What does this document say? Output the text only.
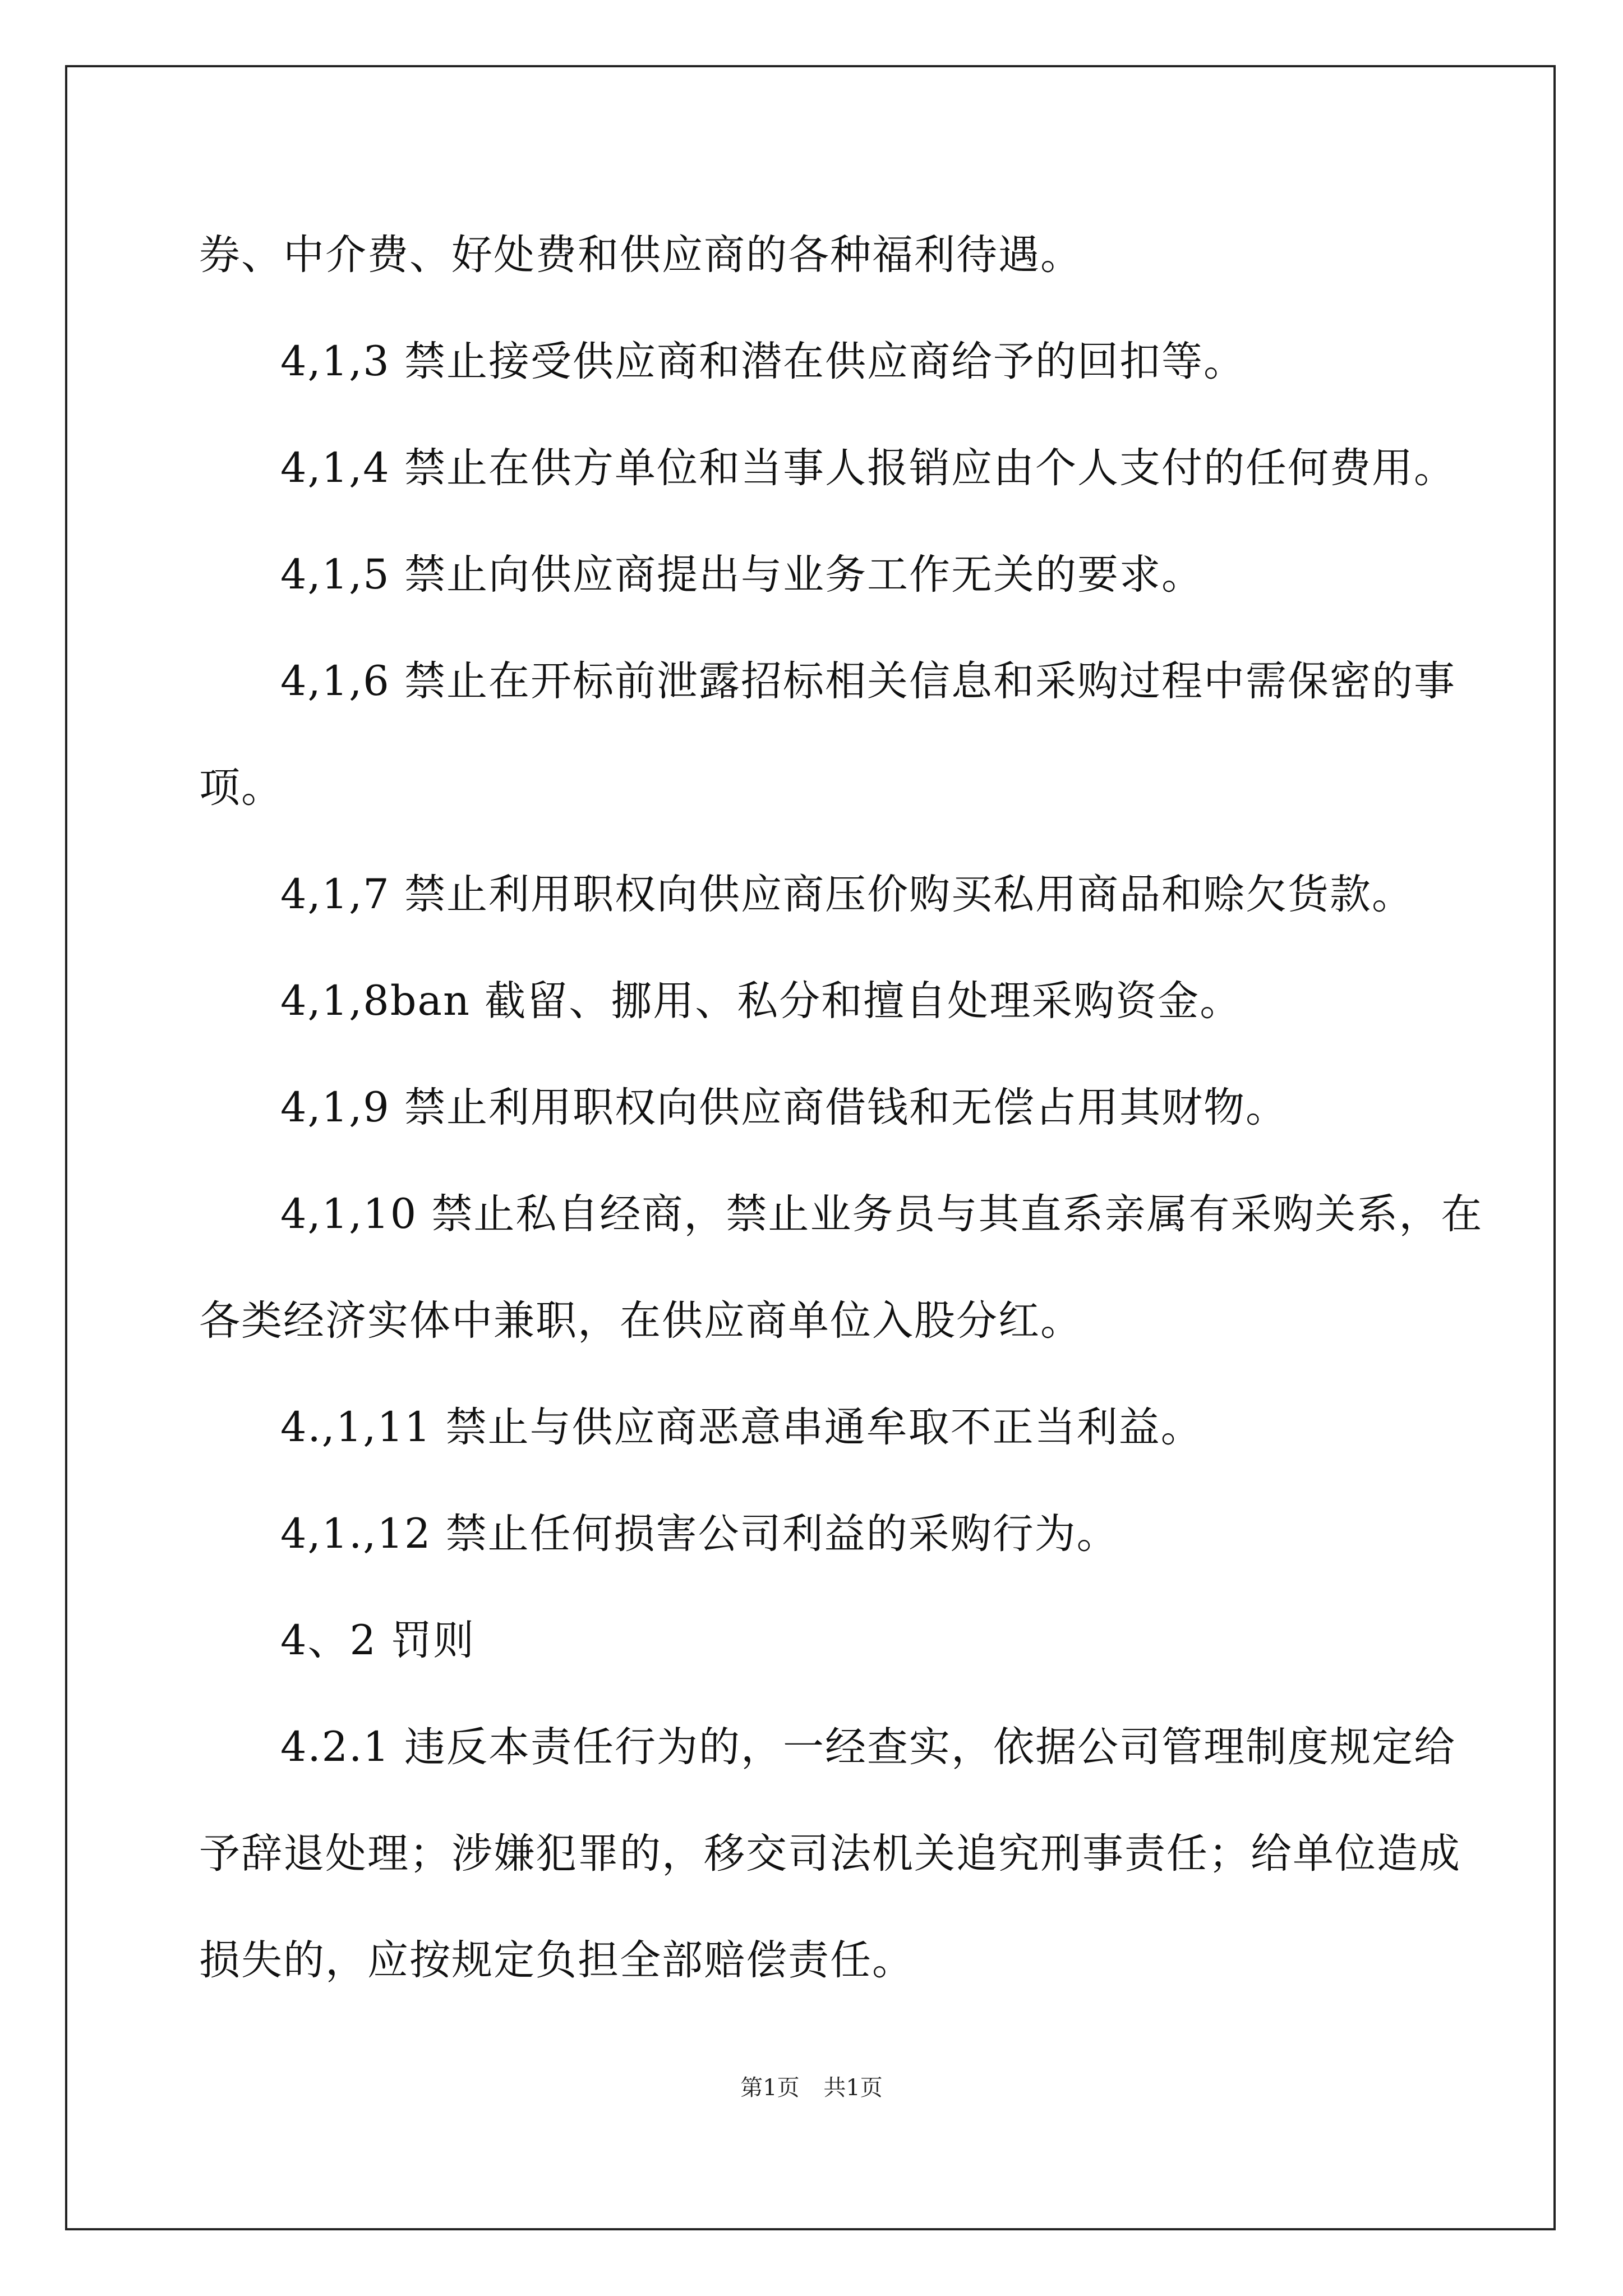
券、中介费、好处费和供应商的各种福利待遇。
4,1,3 禁止接受供应商和潜在供应商给予的回扣等。
4,1,4 禁止在供方单位和当事人报销应由个人支付的任何费用。
4,1,5 禁止向供应商提出与业务工作无关的要求。
4,1,6 禁止在开标前泄露招标相关信息和采购过程中需保密的事
项。
4,1,7 禁止利用职权向供应商压价购买私用商品和赊欠货款。
4,1,8ban 截留、挪用、私分和擅自处理采购资金。
4,1,9 禁止利用职权向供应商借钱和无偿占用其财物。
4,1,10 禁止私自经商，禁止业务员与其直系亲属有采购关系，在
各类经济实体中兼职，在供应商单位入股分红。
4.,1,11 禁止与供应商恶意串通牟取不正当利益。
4,1.,12 禁止任何损害公司利益的采购行为。
4、2 罚则
4.2.1 违反本责任行为的，一经查实，依据公司管理制度规定给
予辞退处理；涉嫌犯罪的，移交司法机关追究刑事责任；给单位造成
损失的，应按规定负担全部赔偿责任。
第1页 共1页
